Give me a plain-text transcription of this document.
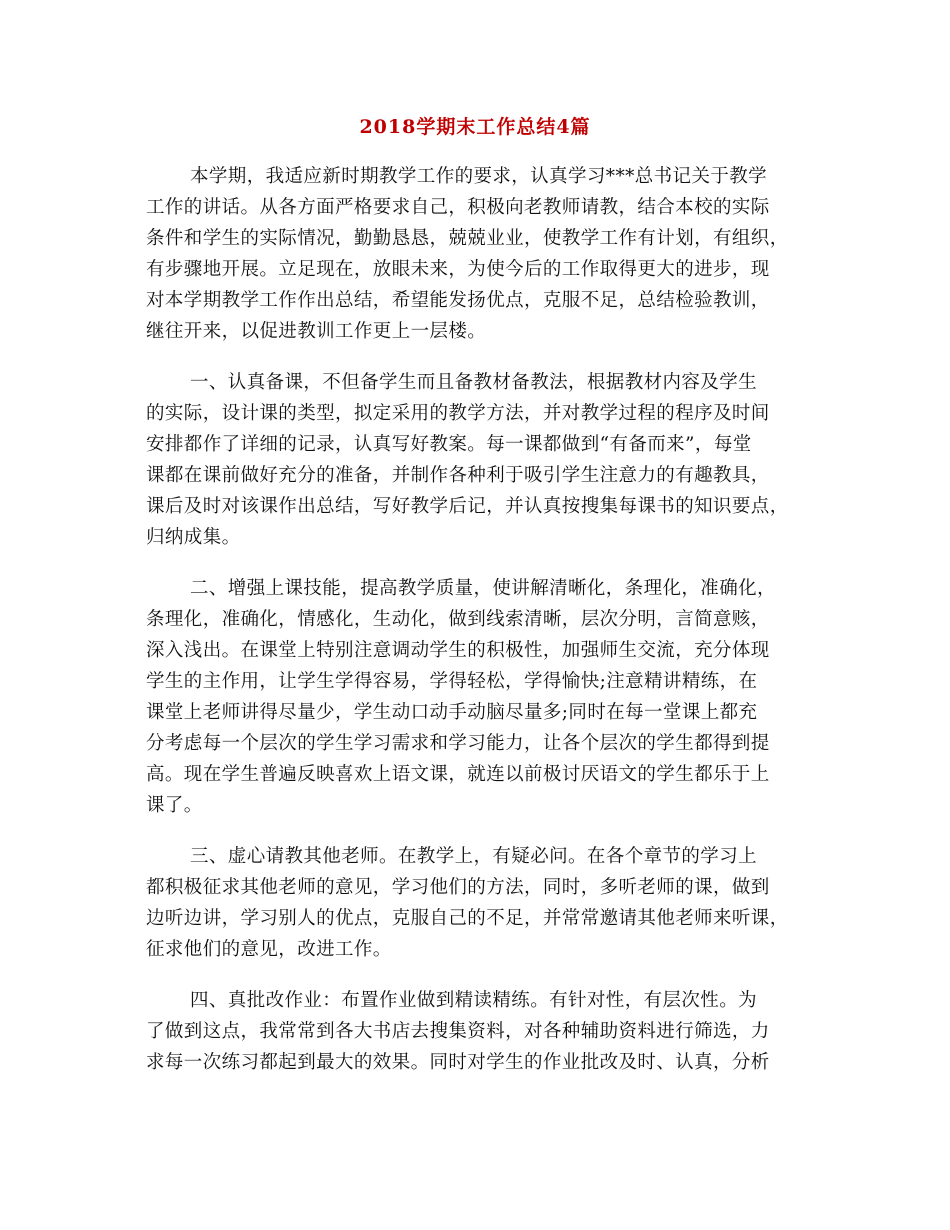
2018学期末工作总结4篇
本学期，我适应新时期教学工作的要求，认真学习***总书记关于教学
工作的讲话。从各方面严格要求自己，积极向老教师请教，结合本校的实际
条件和学生的实际情况，勤勤恳恳，兢兢业业，使教学工作有计划，有组织，
有步骤地开展。立足现在，放眼未来，为使今后的工作取得更大的进步，现
对本学期教学工作作出总结，希望能发扬优点，克服不足，总结检验教训，
继往开来，以促进教训工作更上一层楼。
一、认真备课，不但备学生而且备教材备教法，根据教材内容及学生
的实际，设计课的类型，拟定采用的教学方法，并对教学过程的程序及时间
安排都作了详细的记录，认真写好教案。每一课都做到“有备而来”，每堂
课都在课前做好充分的准备，并制作各种利于吸引学生注意力的有趣教具，
课后及时对该课作出总结，写好教学后记，并认真按搜集每课书的知识要点，
归纳成集。
二、增强上课技能，提高教学质量，使讲解清晰化，条理化，准确化，
条理化，准确化，情感化，生动化，做到线索清晰，层次分明，言简意赅，
深入浅出。在课堂上特别注意调动学生的积极性，加强师生交流，充分体现
学生的主作用，让学生学得容易，学得轻松，学得愉快;注意精讲精练，在
课堂上老师讲得尽量少，学生动口动手动脑尽量多;同时在每一堂课上都充
分考虑每一个层次的学生学习需求和学习能力，让各个层次的学生都得到提
高。现在学生普遍反映喜欢上语文课，就连以前极讨厌语文的学生都乐于上
课了。
三、虚心请教其他老师。在教学上，有疑必问。在各个章节的学习上
都积极征求其他老师的意见，学习他们的方法，同时，多听老师的课，做到
边听边讲，学习别人的优点，克服自己的不足，并常常邀请其他老师来听课，
征求他们的意见，改进工作。
四、真批改作业：布置作业做到精读精练。有针对性，有层次性。为
了做到这点，我常常到各大书店去搜集资料，对各种辅助资料进行筛选，力
求每一次练习都起到最大的效果。同时对学生的作业批改及时、认真，分析
